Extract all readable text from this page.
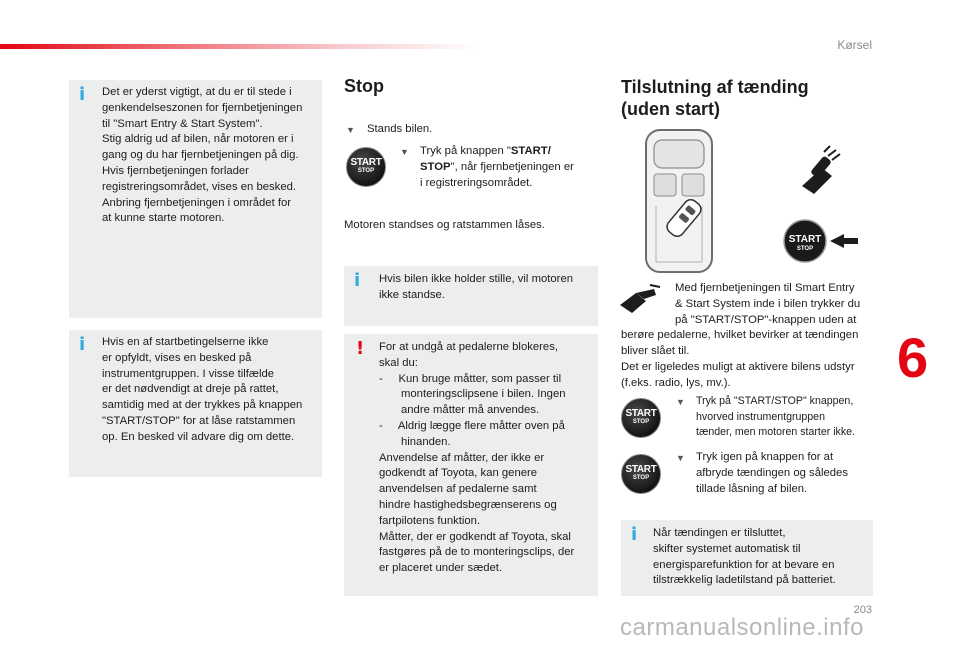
Kørsel
6
203
i Det er yderst vigtigt, at du er til stede i
genkendelseszonen for fjernbetjeningen
til "Smart Entry & Start System".
Stig aldrig ud af bilen, når motoren er i
gang og du har fjernbetjeningen på dig.
Hvis fjernbetjeningen forlader
registreringsområdet, vises en besked.
Anbring fjernbetjeningen i området for
at kunne starte motoren.
i Hvis en af startbetingelserne ikke
er opfyldt, vises en besked på
instrumentgruppen. I visse tilfælde
er det nødvendigt at dreje på rattet,
samtidig med at der trykkes på knappen
"START/STOP" for at låse ratstammen
op. En besked vil advare dig om dette.
Stop
▼ Stands bilen.
START
STOP
▼ Tryk på knappen "START/
STOP", når fjernbetjeningen er
i registreringsområdet.
Motoren standses og ratstammen låses.
i Hvis bilen ikke holder stille, vil motoren
ikke standse.
! For at undgå at pedalerne blokeres,
skal du:
-     Kun bruge måtter, som passer til
monteringsclipsene i bilen. Ingen
andre måtter må anvendes.
-     Aldrig lægge flere måtter oven på
hinanden.
Anvendelse af måtter, der ikke er
godkendt af Toyota, kan genere
anvendelsen af pedalerne samt
hindre hastighedsbegrænserens og
fartpilotens funktion.
Måtter, der er godkendt af Toyota, skal
fastgøres på de to monteringsclips, der
er placeret under sædet.
Tilslutning af tænding
(uden start)
START
STOP
Med fjernbetjeningen til Smart Entry
& Start System inde i bilen trykker du
på "START/STOP"-knappen uden at
berøre pedalerne, hvilket bevirker at tændingen
bliver slået til.
Det er ligeledes muligt at aktivere bilens udstyr
(f.eks. radio, lys, mv.).
START
STOP
▼ Tryk på "START/STOP" knappen,
hvorved instrumentgruppen
tænder, men motoren starter ikke.
START
STOP
▼ Tryk igen på knappen for at
afbryde tændingen og således
tillade låsning af bilen.
i Når tændingen er tilsluttet,
skifter systemet automatisk til
energisparefunktion for at bevare en
tilstrækkelig ladetilstand på batteriet.
carmanualsonline.info
